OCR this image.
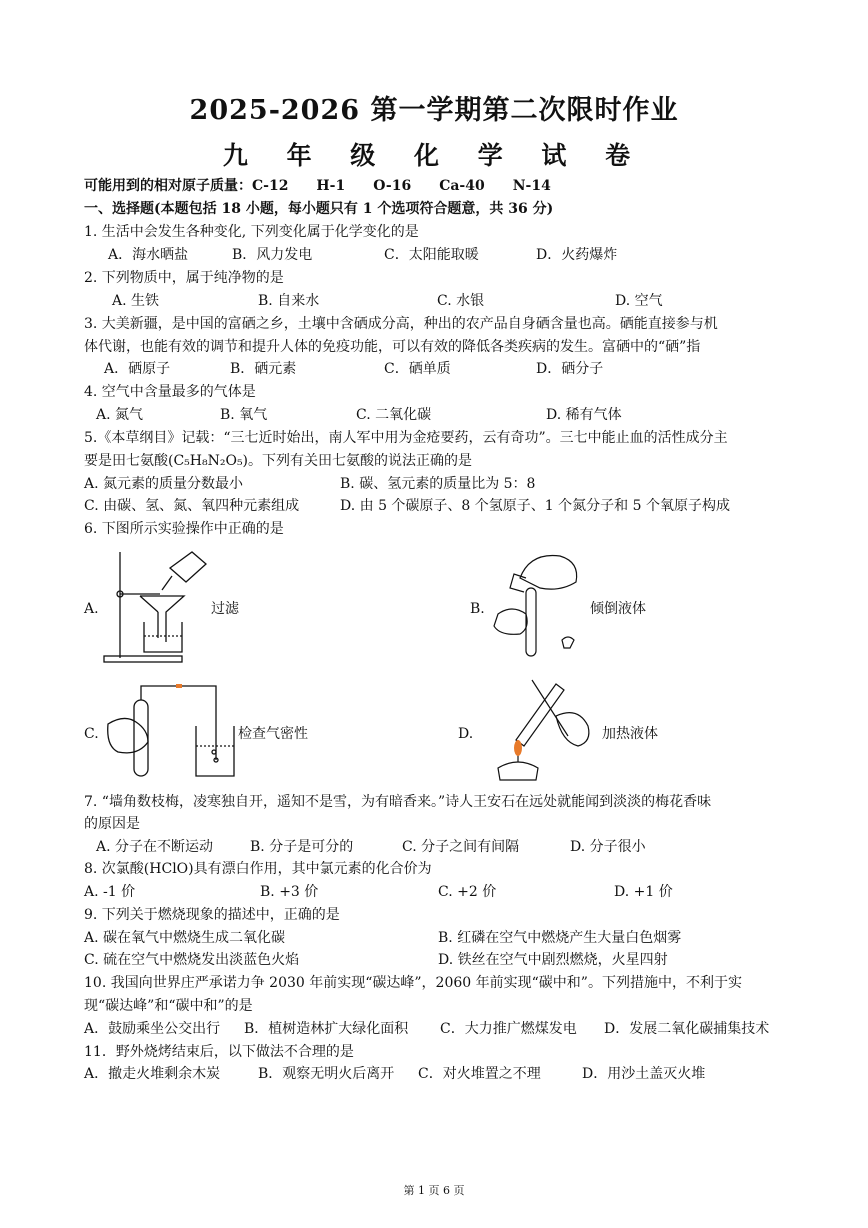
2025-2026 第一学期第二次限时作业
九 年 级 化 学 试 卷
可能用到的相对原子质量：C-12　　H-1　　O-16　　Ca-40　　N-14
一、选择题(本题包括 18 小题，每小题只有 1 个选项符合题意，共 36 分)
1. 生活中会发生各种变化, 下列变化属于化学变化的是
A．海水晒盐	B．风力发电	C．太阳能取暖	D．火药爆炸
2. 下列物质中，属于纯净物的是
A. 生铁	B. 自来水	C. 水银	D. 空气
3. 大美新疆，是中国的富硒之乡，土壤中含硒成分高，种出的农产品自身硒含量也高。硒能直接参与机
体代谢，也能有效的调节和提升人体的免疫功能，可以有效的降低各类疾病的发生。富硒中的“硒”指
A．硒原子	B．硒元素	C．硒单质	D．硒分子
4. 空气中含量最多的气体是
A. 氮气	B. 氧气	C. 二氧化碳	D. 稀有气体
5.《本草纲目》记载：“三七近时始出，南人军中用为金疮要药，云有奇功”。三七中能止血的活性成分主
要是田七氨酸(C₅H₈N₂O₅)。下列有关田七氨酸的说法正确的是
A. 氮元素的质量分数最小	B. 碳、氢元素的质量比为 5：8
C. 由碳、氢、氮、氧四种元素组成	D. 由 5 个碳原子、8 个氢原子、1 个氮分子和 5 个氧原子构成
6. 下图所示实验操作中正确的是
A.	过滤	B.	倾倒液体
C.	检查气密性	D.	加热液体
7. “墙角数枝梅，凌寒独自开，遥知不是雪，为有暗香来。”诗人王安石在远处就能闻到淡淡的梅花香味
的原因是
A. 分子在不断运动	B. 分子是可分的	C. 分子之间有间隔	D. 分子很小
8. 次氯酸(HClO)具有漂白作用，其中氯元素的化合价为
A. -1 价	B. +3 价	C. +2 价	D. +1 价
9. 下列关于燃烧现象的描述中，正确的是
A. 碳在氧气中燃烧生成二氧化碳	B. 红磷在空气中燃烧产生大量白色烟雾
C. 硫在空气中燃烧发出淡蓝色火焰	D. 铁丝在空气中剧烈燃烧，火星四射
10. 我国向世界庄严承诺力争 2030 年前实现“碳达峰”，2060 年前实现“碳中和”。下列措施中，不利于实
现“碳达峰”和“碳中和”的是
A．鼓励乘坐公交出行 B．植树造林扩大绿化面积 C．大力推广燃煤发电 D．发展二氧化碳捕集技术
11．野外烧烤结束后，以下做法不合理的是
A．撤走火堆剩余木炭	B．观察无明火后离开 C．对火堆置之不理	D．用沙土盖灭火堆
第 1 页 6 页
